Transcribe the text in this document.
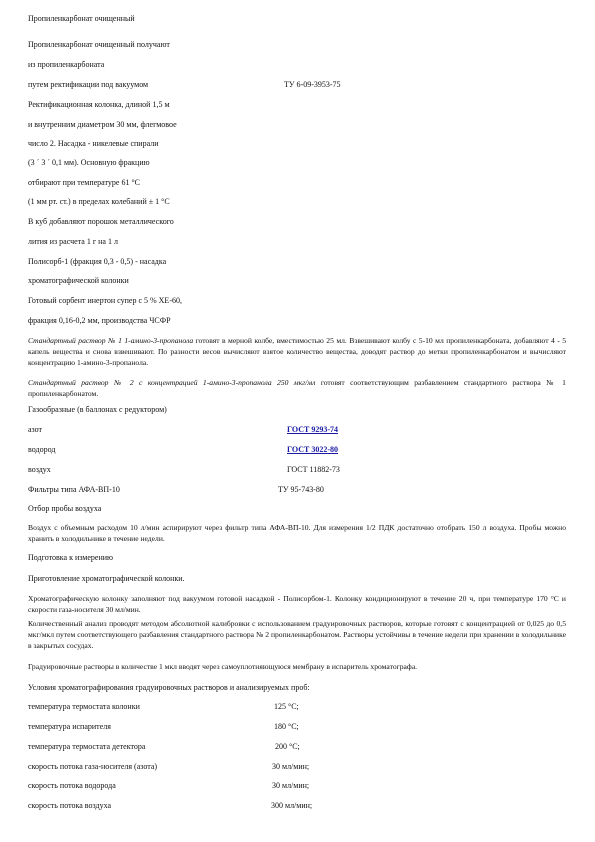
Пропиленкарбонат очищенный
Пропиленкарбонат очищенный получают
из пропиленкарбоната
путем ректификации под вакуумом	ТУ 6-09-3953-75
Ректификационная колонка, длиной 1,5 м
и внутренним диаметром 30 мм, флегмовое
число 2. Насадка - никелевые спирали
(3 ´ 3 ´ 0,1 мм). Основную фракцию
отбирают при температуре 61 °С
(1 мм рт. ст.) в пределах колебаний ± 1 °С
В куб добавляют порошок металлического
лития из расчета 1 г на 1 л
Полисорб-1 (фракция 0,3 - 0,5) - насадка
хроматографической колонки
Готовый сорбент инертон супер с 5 % ХЕ-60,
фракция 0,16-0,2 мм, производства ЧСФР
Стандартный раствор № 1 1-амино-3-пропанола готовят в мерной колбе, вместимостью 25 мл. Взвешивают колбу с 5-10 мл пропиленкарбоната, добавляют 4 - 5 капель вещества и снова взвешивают. По разности весов вычисляют взятое количество вещества, доводят раствор до метки пропиленкарбонатом и вычисляют концентрацию 1-амино-3-пропанола.
Стандартный раствор № 2 с концентрацией 1-амино-3-пропанола 250 мкг/мл готовят соответствующим разбавлением стандартного раствора № 1 пропиленкарбонатом.
Газообразные (в баллонах с редуктором)
азот	ГОСТ 9293-74
водород	ГОСТ 3022-80
воздух	ГОСТ 11882-73
Фильтры типа АФА-ВП-10	ТУ 95-743-80
Отбор пробы воздуха
Воздух с объемным расходом 10 л/мин аспирируют через фильтр типа АФА-ВП-10. Для измерения 1/2 ПДК достаточно отобрать 150 л воздуха. Пробы можно хранить в холодильнике в течение недели.
Подготовка к измерению
Приготовление хроматографической колонки.
Хроматографическую колонку заполняют под вакуумом готовой насадкой - Полисорбом-1. Колонку кондиционируют в течение 20 ч, при температуре 170 °С и скорости газа-носителя 30 мл/мин.
Количественный анализ проводят методом абсолютной калибровки с использованием градуировочных растворов, которые готовят с концентрацией от 0,025 до 0,5 мкг/мкл путем соответствующего разбавления стандартного раствора № 2 пропиленкарбонатом. Растворы устойчивы в течение недели при хранении в холодильнике в закрытых сосудах.
Градуировочные растворы в количестве 1 мкл вводят через самоуплотняющуюся мембрану в испаритель хроматографа.
Условия хроматографирования градуировочных растворов и анализируемых проб:
температура термостата колонки	125 °С;
температура испарителя	180 °С;
температура термостата детектора	200 °С;
скорость потока газа-носителя (азота)	30 мл/мин;
скорость потока водорода	30 мл/мин;
скорость потока воздуха	300 мл/мин;
